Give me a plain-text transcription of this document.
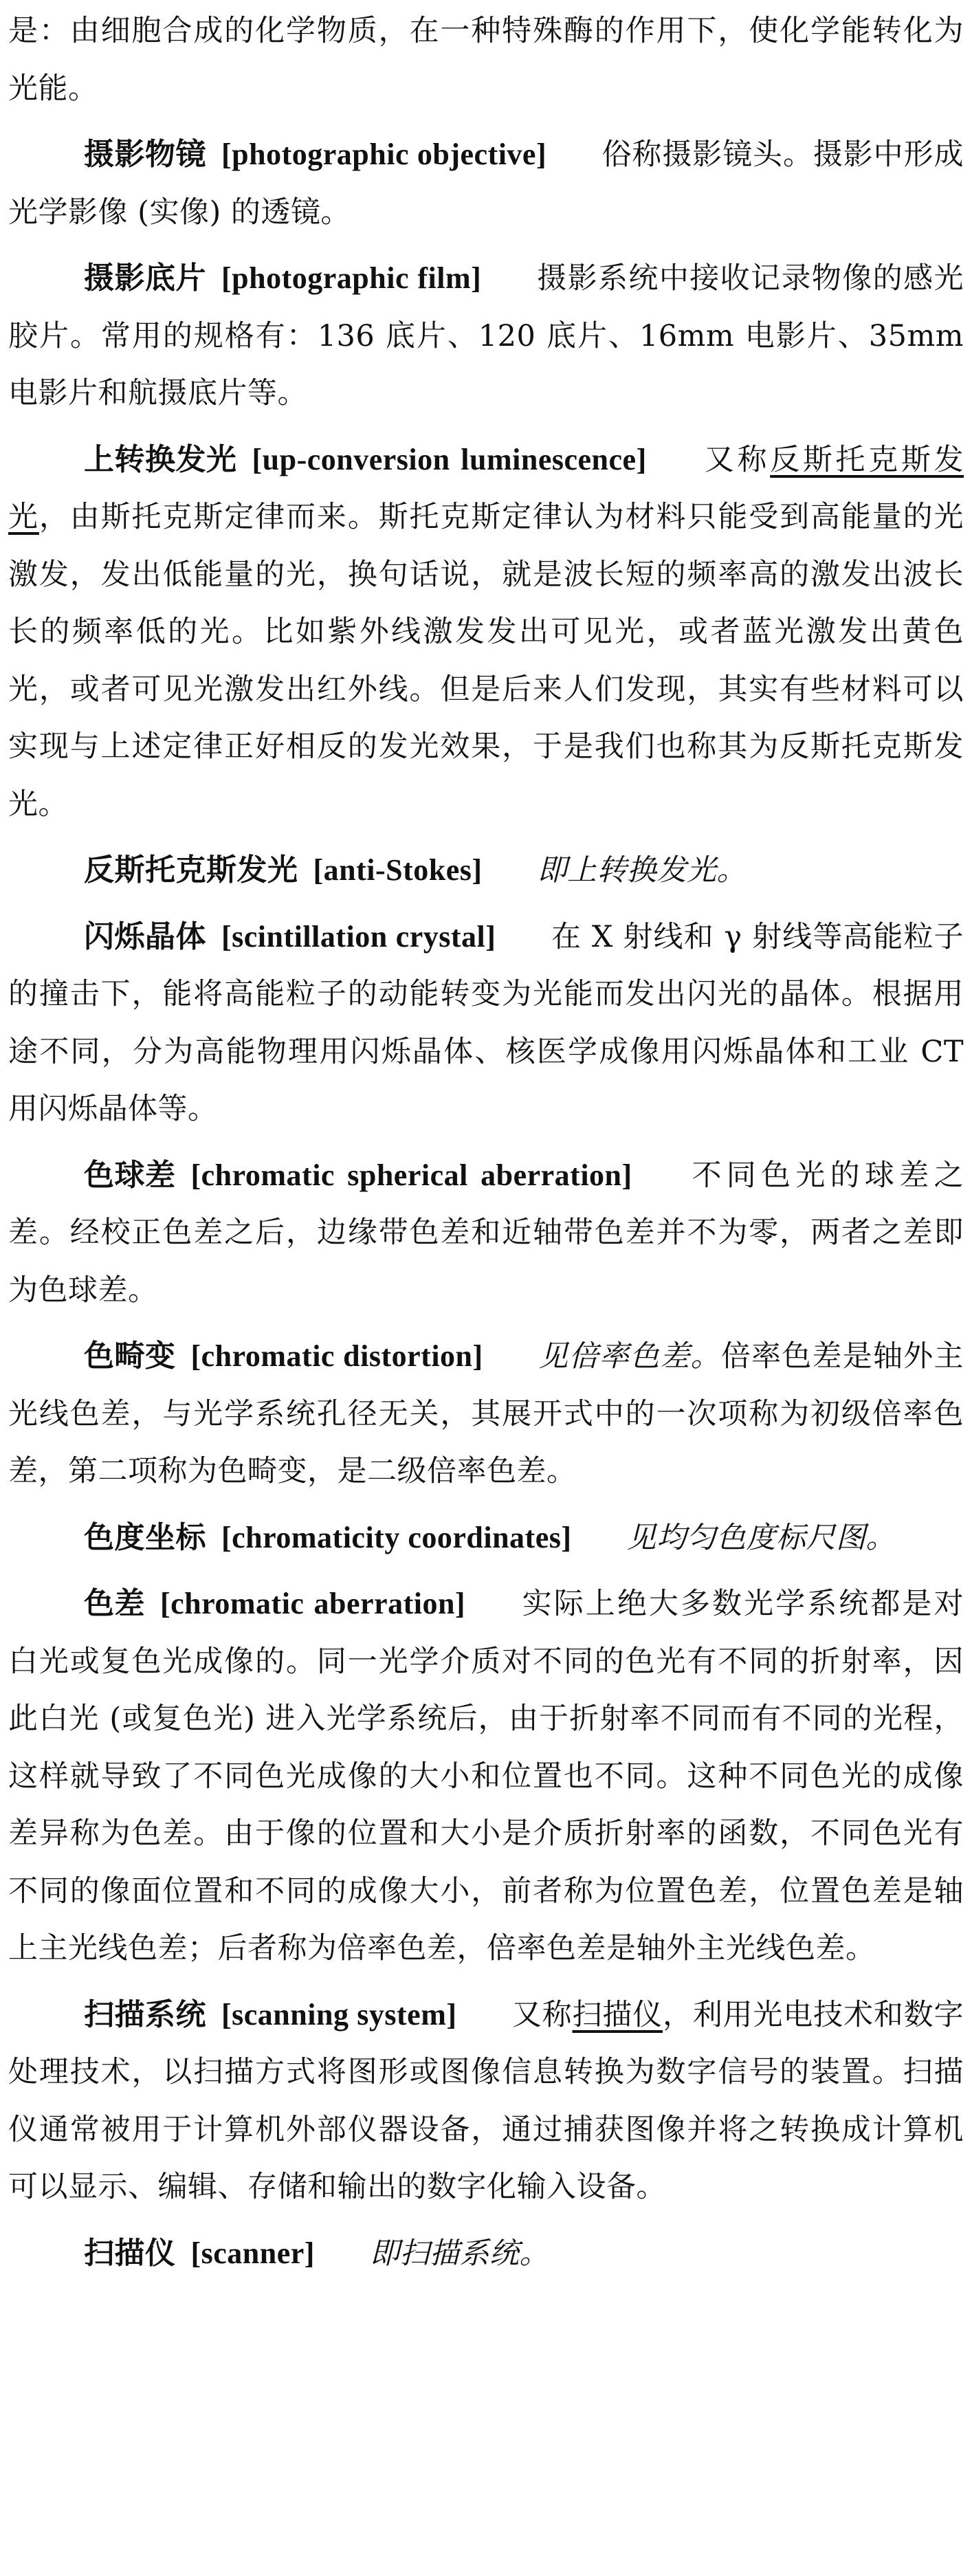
是：由细胞合成的化学物质，在一种特殊酶的作用下，使化学能转化为光能。

摄影物镜 [photographic objective] 俗称摄影镜头。摄影中形成光学影像 (实像) 的透镜。

摄影底片 [photographic film] 摄影系统中接收记录物像的感光胶片。常用的规格有：136 底片、120 底片、16mm 电影片、35mm 电影片和航摄底片等。

上转换发光 [up-conversion luminescence] 又称反斯托克斯发光，由斯托克斯定律而来。斯托克斯定律认为材料只能受到高能量的光激发，发出低能量的光，换句话说，就是波长短的频率高的激发出波长长的频率低的光。比如紫外线激发发出可见光，或者蓝光激发出黄色光，或者可见光激发出红外线。但是后来人们发现，其实有些材料可以实现与上述定律正好相反的发光效果，于是我们也称其为反斯托克斯发光。

反斯托克斯发光 [anti-Stokes] 即上转换发光。

闪烁晶体 [scintillation crystal] 在 X 射线和 γ 射线等高能粒子的撞击下，能将高能粒子的动能转变为光能而发出闪光的晶体。根据用途不同，分为高能物理用闪烁晶体、核医学成像用闪烁晶体和工业 CT 用闪烁晶体等。

色球差 [chromatic spherical aberration] 不同色光的球差之差。经校正色差之后，边缘带色差和近轴带色差并不为零，两者之差即为色球差。

色畸变 [chromatic distortion] 见倍率色差。倍率色差是轴外主光线色差，与光学系统孔径无关，其展开式中的一次项称为初级倍率色差，第二项称为色畸变，是二级倍率色差。

色度坐标 [chromaticity coordinates] 见均匀色度标尺图。

色差 [chromatic aberration] 实际上绝大多数光学系统都是对白光或复色光成像的。同一光学介质对不同的色光有不同的折射率，因此白光 (或复色光) 进入光学系统后，由于折射率不同而有不同的光程，这样就导致了不同色光成像的大小和位置也不同。这种不同色光的成像差异称为色差。由于像的位置和大小是介质折射率的函数，不同色光有不同的像面位置和不同的成像大小，前者称为位置色差，位置色差是轴上主光线色差；后者称为倍率色差，倍率色差是轴外主光线色差。

扫描系统 [scanning system] 又称扫描仪，利用光电技术和数字处理技术，以扫描方式将图形或图像信息转换为数字信号的装置。扫描仪通常被用于计算机外部仪器设备，通过捕获图像并将之转换成计算机可以显示、编辑、存储和输出的数字化输入设备。

扫描仪 [scanner] 即扫描系统。
